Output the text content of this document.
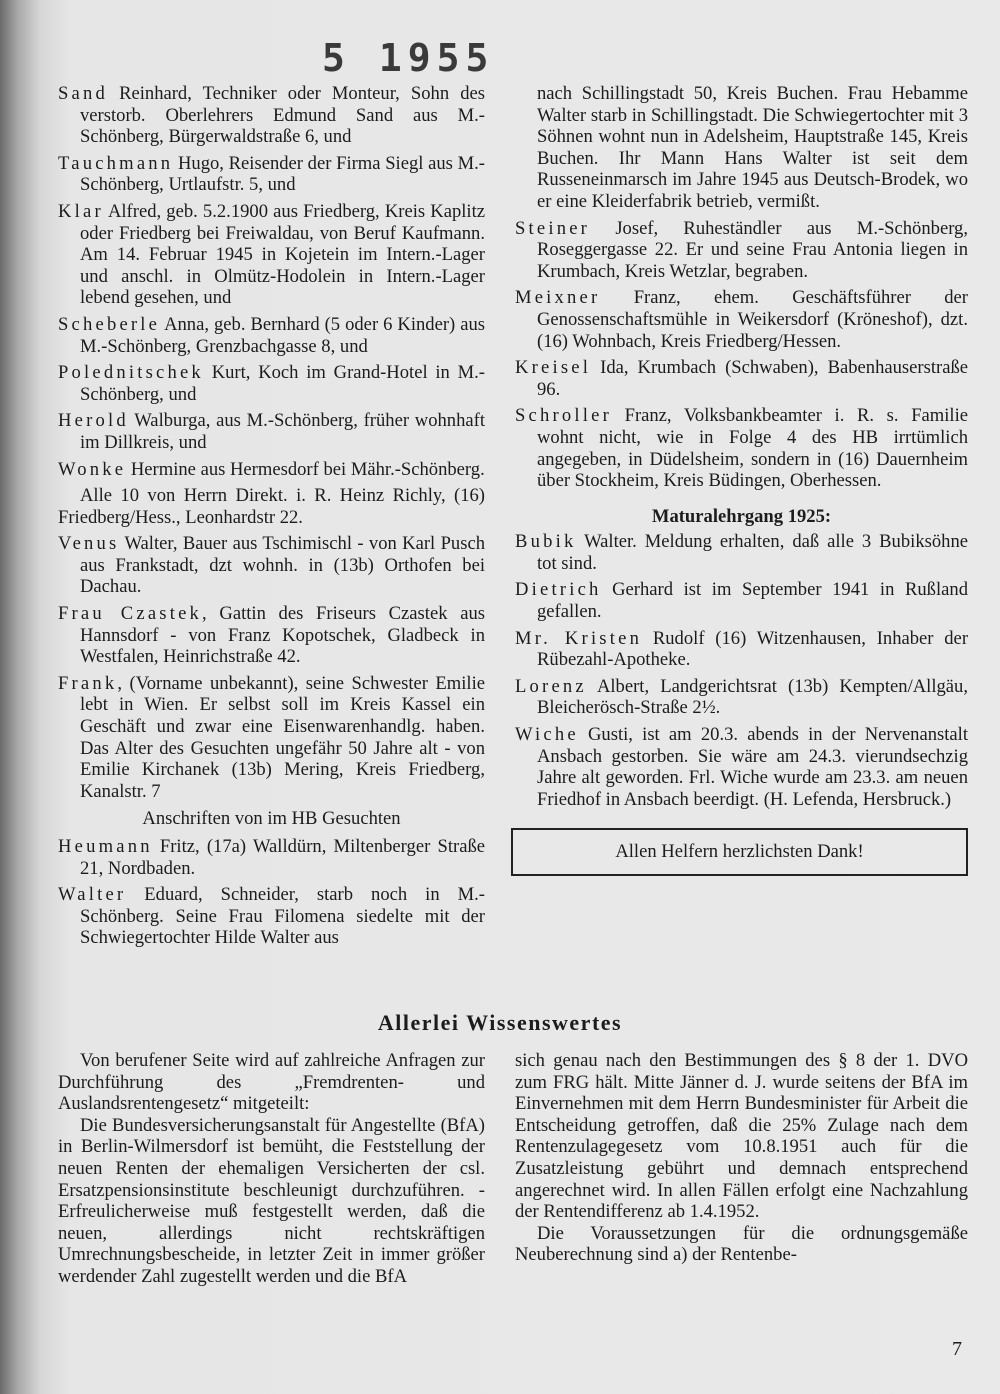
5 1955

Sand Reinhard, Techniker oder Monteur, Sohn des verstorb. Oberlehrers Edmund Sand aus M.-Schönberg, Bürgerwaldstraße 6, und

Tauchmann Hugo, Reisender der Firma Siegl aus M.-Schönberg, Urtlaufstr. 5, und

Klar Alfred, geb. 5.2.1900 aus Friedberg, Kreis Kaplitz oder Friedberg bei Freiwaldau, von Beruf Kaufmann. Am 14. Februar 1945 in Kojetein im Intern.-Lager und anschl. in Olmütz-Hodolein in Intern.-Lager lebend gesehen, und

Scheberle Anna, geb. Bernhard (5 oder 6 Kinder) aus M.-Schönberg, Grenzbachgasse 8, und

Polednitschek Kurt, Koch im Grand-Hotel in M.-Schönberg, und

Herold Walburga, aus M.-Schönberg, früher wohnhaft im Dillkreis, und

Wonke Hermine aus Hermesdorf bei Mähr.-Schönberg.

Alle 10 von Herrn Direkt. i. R. Heinz Richly, (16) Friedberg/Hess., Leonhardstr 22.

Venus Walter, Bauer aus Tschimischl - von Karl Pusch aus Frankstadt, dzt wohnh. in (13b) Orthofen bei Dachau.

Frau Czastek, Gattin des Friseurs Czastek aus Hannsdorf - von Franz Kopotschek, Gladbeck in Westfalen, Heinrichstraße 42.

Frank, (Vorname unbekannt), seine Schwester Emilie lebt in Wien. Er selbst soll im Kreis Kassel ein Geschäft und zwar eine Eisenwarenhandlg. haben. Das Alter des Gesuchten ungefähr 50 Jahre alt - von Emilie Kirchanek (13b) Mering, Kreis Friedberg, Kanalstr. 7

Anschriften von im HB Gesuchten

Heumann Fritz, (17a) Walldürn, Miltenberger Straße 21, Nordbaden.

Walter Eduard, Schneider, starb noch in M.-Schönberg. Seine Frau Filomena siedelte mit der Schwiegertochter Hilde Walter aus

nach Schillingstadt 50, Kreis Buchen. Frau Hebamme Walter starb in Schillingstadt. Die Schwiegertochter mit 3 Söhnen wohnt nun in Adelsheim, Hauptstraße 145, Kreis Buchen. Ihr Mann Hans Walter ist seit dem Russeneinmarsch im Jahre 1945 aus Deutsch-Brodek, wo er eine Kleiderfabrik betrieb, vermißt.

Steiner Josef, Ruheständler aus M.-Schönberg, Roseggergasse 22. Er und seine Frau Antonia liegen in Krumbach, Kreis Wetzlar, begraben.

Meixner Franz, ehem. Geschäftsführer der Genossenschaftsmühle in Weikersdorf (Kröneshof), dzt. (16) Wohnbach, Kreis Friedberg/Hessen.

Kreisel Ida, Krumbach (Schwaben), Babenhauserstraße 96.

Schroller Franz, Volksbankbeamter i. R. s. Familie wohnt nicht, wie in Folge 4 des HB irrtümlich angegeben, in Düdelsheim, sondern in (16) Dauernheim über Stockheim, Kreis Büdingen, Oberhessen.

Maturalehrgang 1925:

Bubik Walter. Meldung erhalten, daß alle 3 Bubiksöhne tot sind.

Dietrich Gerhard ist im September 1941 in Rußland gefallen.

Mr. Kristen Rudolf (16) Witzenhausen, Inhaber der Rübezahl-Apotheke.

Lorenz Albert, Landgerichtsrat (13b) Kempten/Allgäu, Bleicherösch-Straße 2½.

Wiche Gusti, ist am 20.3. abends in der Nervenanstalt Ansbach gestorben. Sie wäre am 24.3. vierundsechzig Jahre alt geworden. Frl. Wiche wurde am 23.3. am neuen Friedhof in Ansbach beerdigt. (H. Lefenda, Hersbruck.)

Allen Helfern herzlichsten Dank!
Allerlei Wissenswertes

Von berufener Seite wird auf zahlreiche Anfragen zur Durchführung des „Fremdrenten- und Auslandsrentengesetz“ mitgeteilt:

Die Bundesversicherungsanstalt für Angestellte (BfA) in Berlin-Wilmersdorf ist bemüht, die Feststellung der neuen Renten der ehemaligen Versicherten der csl. Ersatzpensionsinstitute beschleunigt durchzuführen. - Erfreulicherweise muß festgestellt werden, daß die neuen, allerdings nicht rechtskräftigen Umrechnungsbescheide, in letzter Zeit in immer größer werdender Zahl zugestellt werden und die BfA

sich genau nach den Bestimmungen des § 8 der 1. DVO zum FRG hält. Mitte Jänner d. J. wurde seitens der BfA im Einvernehmen mit dem Herrn Bundesminister für Arbeit die Entscheidung getroffen, daß die 25% Zulage nach dem Rentenzulagegesetz vom 10.8.1951 auch für die Zusatzleistung gebührt und demnach entsprechend angerechnet wird. In allen Fällen erfolgt eine Nachzahlung der Rentendifferenz ab 1.4.1952.

Die Voraussetzungen für die ordnungsgemäße Neuberechnung sind a) der Rentenbe-

7
